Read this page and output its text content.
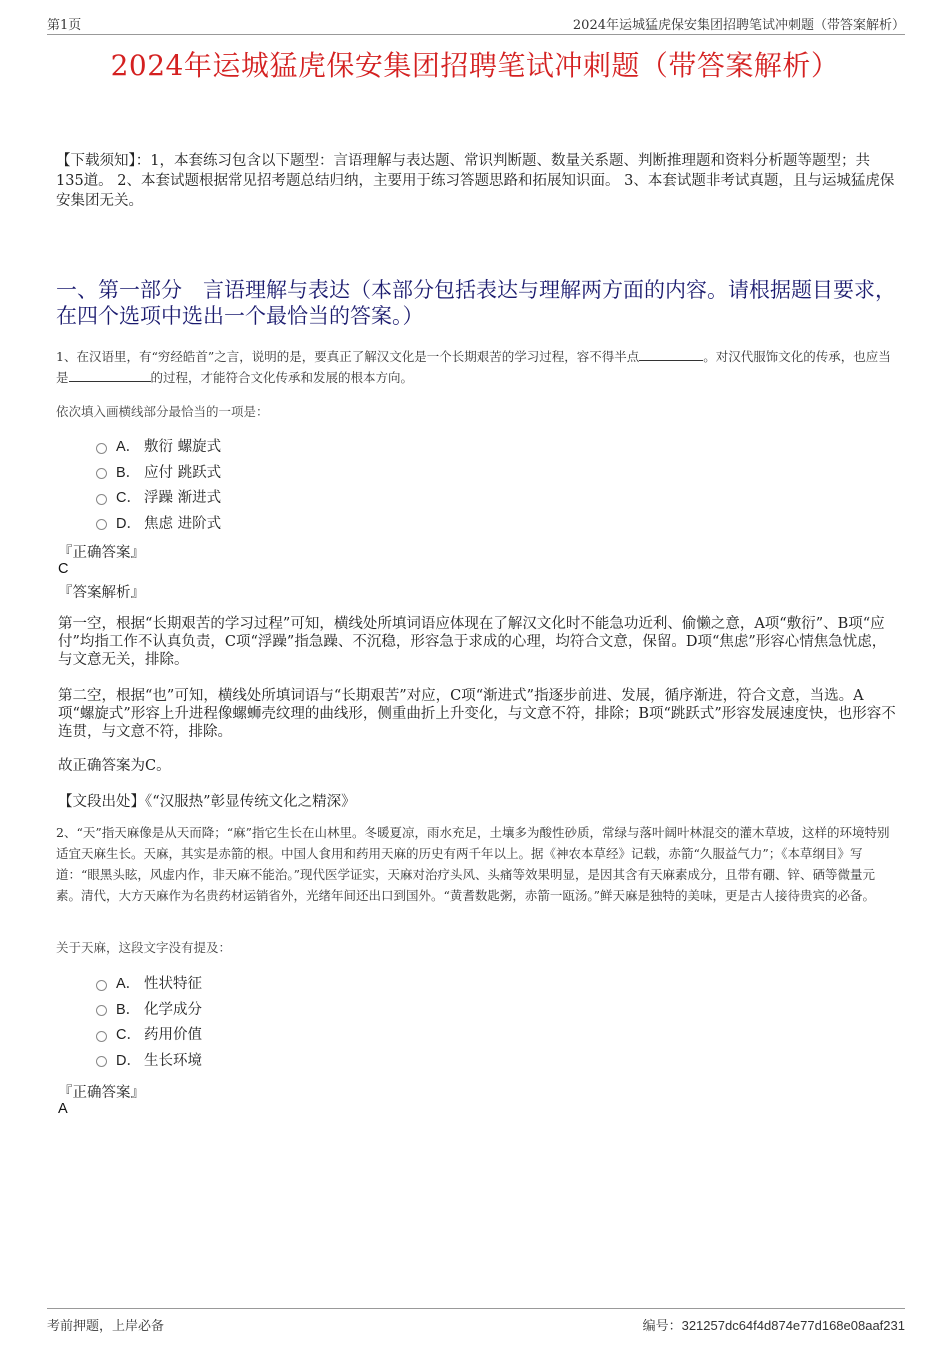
第1页	2024年运城猛虎保安集团招聘笔试冲刺题（带答案解析）
2024年运城猛虎保安集团招聘笔试冲刺题（带答案解析）
【下载须知】：1，本套练习包含以下题型：言语理解与表达题、常识判断题、数量关系题、判断推理题和资料分析题等题型；共135道。 2、本套试题根据常见招考题总结归纳，主要用于练习答题思路和拓展知识面。 3、本套试题非考试真题，且与运城猛虎保安集团无关。
一、第一部分　言语理解与表达（本部分包括表达与理解两方面的内容。请根据题目要求，在四个选项中选出一个最恰当的答案。）
1、在汉语里，有“穷经皓首”之言，说明的是，要真正了解汉文化是一个长期艰苦的学习过程，容不得半点	。对汉代服饰文化的传承，也应当是	的过程，才能符合文化传承和发展的根本方向。
依次填入画横线部分最恰当的一项是：
A． 敷衍 螺旋式
B． 应付 跳跃式
C． 浮躁 渐进式
D． 焦虑 进阶式
『正确答案』
C
『答案解析』
第一空，根据“长期艰苦的学习过程”可知，横线处所填词语应体现在了解汉文化时不能急功近利、偷懒之意，A项“敷衍”、B项“应付”均指工作不认真负责，C项“浮躁”指急躁、不沉稳，形容急于求成的心理，均符合文意，保留。D项“焦虑”形容心情焦急忧虑，与文意无关，排除。
第二空，根据“也”可知，横线处所填词语与“长期艰苦”对应，C项“渐进式”指逐步前进、发展，循序渐进，符合文意，当选。A项“螺旋式”形容上升进程像螺蛳壳纹理的曲线形，侧重曲折上升变化，与文意不符，排除；B项“跳跃式”形容发展速度快，也形容不连贯，与文意不符，排除。
故正确答案为C。
【文段出处】《“汉服热”彰显传统文化之精深》
2、“天”指天麻像是从天而降；“麻”指它生长在山林里。冬暖夏凉，雨水充足，土壤多为酸性砂质，常绿与落叶阔叶林混交的灌木草坡，这样的环境特别适宜天麻生长。天麻，其实是赤箭的根。中国人食用和药用天麻的历史有两千年以上。据《神农本草经》记载，赤箭“久服益气力”；《本草纲目》写道：“眼黑头眩，风虚内作，非天麻不能治。”现代医学证实，天麻对治疗头风、头痛等效果明显，是因其含有天麻素成分，且带有硼、锌、硒等微量元素。清代，大方天麻作为名贵药材运销省外，光绪年间还出口到国外。“黄耆数匙粥，赤箭一瓯汤。”鲜天麻是独特的美味，更是古人接待贵宾的必备。
关于天麻，这段文字没有提及：
A． 性状特征
B． 化学成分
C． 药用价值
D． 生长环境
『正确答案』
A
考前押题，上岸必备	编号：321257dc64f4d874e77d168e08aaf231
